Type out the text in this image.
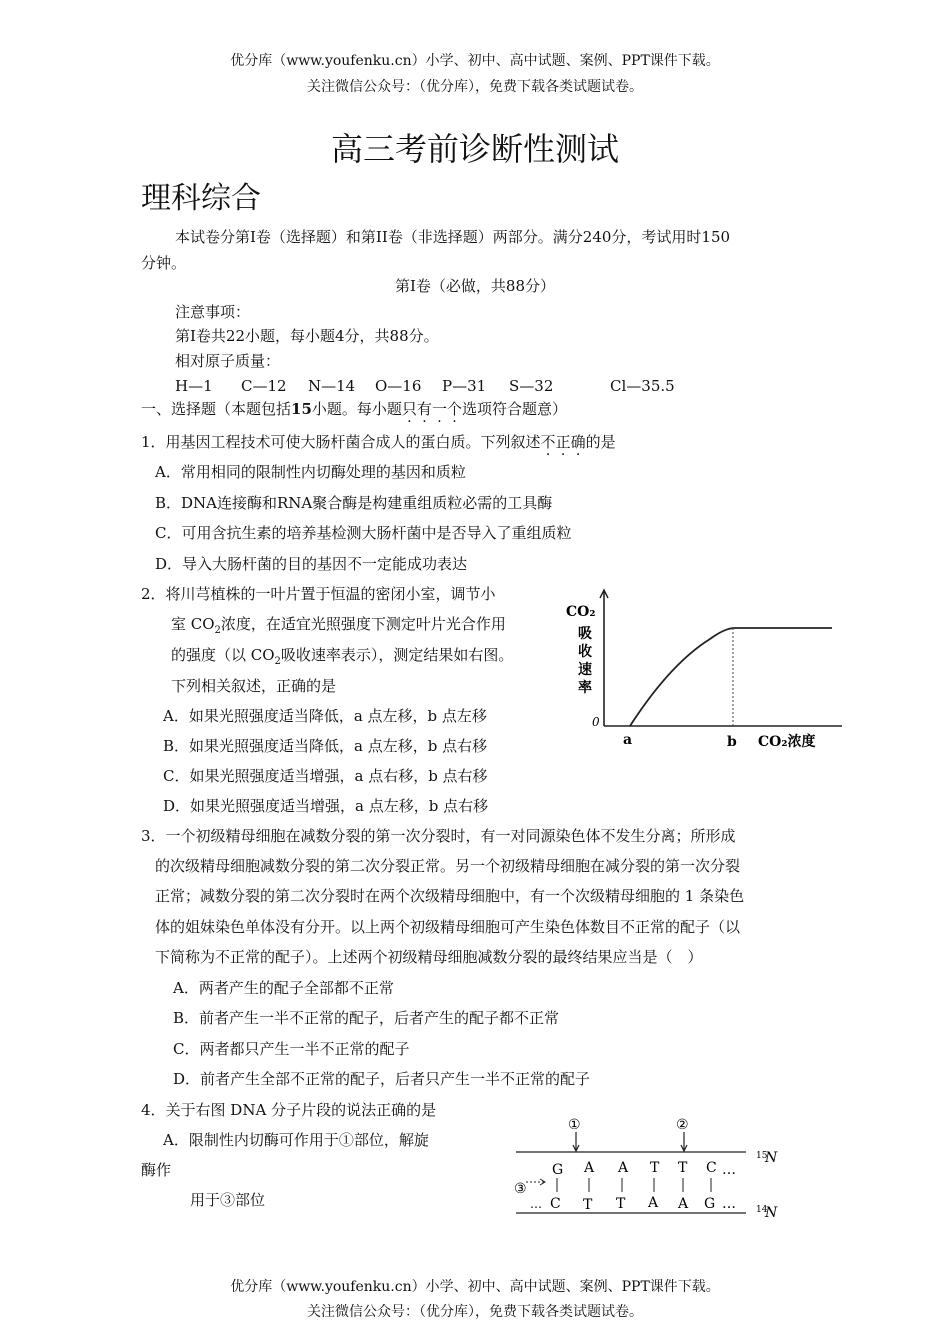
优分库（www.youfenku.cn）小学、初中、高中试题、案例、PPT课件下载。
关注微信公众号：（优分库），免费下载各类试题试卷。
高三考前诊断性测试
理科综合
本试卷分第I卷（选择题）和第II卷（非选择题）两部分。满分240分，考试用时150
分钟。
第I卷（必做，共88分）
注意事项：
第I卷共22小题，每小题4分，共88分。
相对原子质量：
H—1 C—12 N—14 O—16 P—31 S—32	Cl—35.5
一、选择题（本题包括15小题。每小题只有一个选项符合题意）
1．用基因工程技术可使大肠杆菌合成人的蛋白质。下列叙述不正确的是
A．常用相同的限制性内切酶处理的基因和质粒
B．DNA连接酶和RNA聚合酶是构建重组质粒必需的工具酶
C．可用含抗生素的培养基检测大肠杆菌中是否导入了重组质粒
D．导入大肠杆菌的目的基因不一定能成功表达
2．将川芎植株的一叶片置于恒温的密闭小室，调节小
室 $CO_2$浓度，在适宜光照强度下测定叶片光合作用
的强度（以 $CO_2$吸收速率表示），测定结果如右图。
下列相关叙述，正确的是
A．如果光照强度适当降低，a 点左移，b 点左移
B．如果光照强度适当降低，a 点左移，b 点右移
C．如果光照强度适当增强，a 点右移，b 点右移
D．如果光照强度适当增强，a 点左移，b 点右移
CO₂
吸
收
速
率
0
a	b CO₂浓度
3．一个初级精母细胞在减数分裂的第一次分裂时，有一对同源染色体不发生分离；所形成
的次级精母细胞减数分裂的第二次分裂正常。另一个初级精母细胞在减分裂的第一次分裂
正常；减数分裂的第二次分裂时在两个次级精母细胞中，有一个次级精母细胞的 1 条染色
体的姐妹染色单体没有分开。以上两个初级精母细胞可产生染色体数目不正常的配子（以
下简称为不正常的配子）。上述两个初级精母细胞减数分裂的最终结果应当是（　）
A．两者产生的配子全部都不正常
B．前者产生一半不正常的配子，后者产生的配子都不正常
C．两者都只产生一半不正常的配子
D．前者产生全部不正常的配子，后者只产生一半不正常的配子
4．关于右图 DNA 分子片段的说法正确的是
A．限制性内切酶可作用于①部位，解旋
酶作
用于③部位
①	②
G A A T T C …
③
… C T T A A G …
15
N
14
N
优分库（www.youfenku.cn）小学、初中、高中试题、案例、PPT课件下载。
关注微信公众号：（优分库），免费下载各类试题试卷。
